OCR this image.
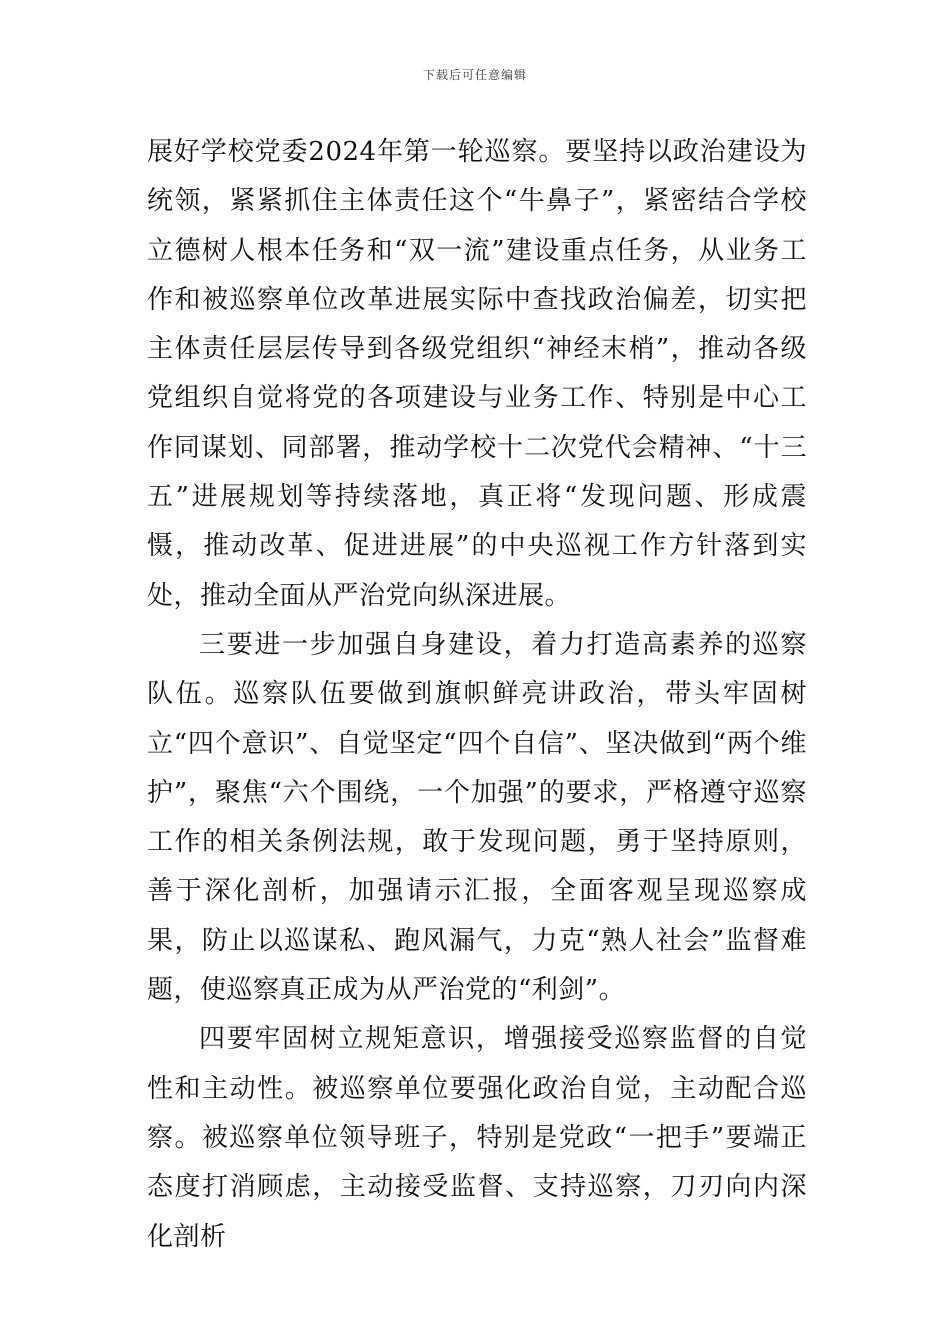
下载后可任意编辑

展好学校党委2024年第一轮巡察。要坚持以政治建设为统领，紧紧抓住主体责任这个“牛鼻子”，紧密结合学校立德树人根本任务和“双一流”建设重点任务，从业务工作和被巡察单位改革进展实际中查找政治偏差，切实把主体责任层层传导到各级党组织“神经末梢”，推动各级党组织自觉将党的各项建设与业务工作、特别是中心工作同谋划、同部署，推动学校十二次党代会精神、“十三五”进展规划等持续落地，真正将“发现问题、形成震慑，推动改革、促进进展”的中央巡视工作方针落到实处，推动全面从严治党向纵深进展。

三要进一步加强自身建设，着力打造高素养的巡察队伍。巡察队伍要做到旗帜鲜亮讲政治，带头牢固树立“四个意识”、自觉坚定“四个自信”、坚决做到“两个维护”，聚焦“六个围绕，一个加强”的要求，严格遵守巡察工作的相关条例法规，敢于发现问题，勇于坚持原则，善于深化剖析，加强请示汇报，全面客观呈现巡察成果，防止以巡谋私、跑风漏气，力克“熟人社会”监督难题，使巡察真正成为从严治党的“利剑”。

四要牢固树立规矩意识，增强接受巡察监督的自觉性和主动性。被巡察单位要强化政治自觉，主动配合巡察。被巡察单位领导班子，特别是党政“一把手”要端正态度打消顾虑，主动接受监督、支持巡察，刀刃向内深化剖析
